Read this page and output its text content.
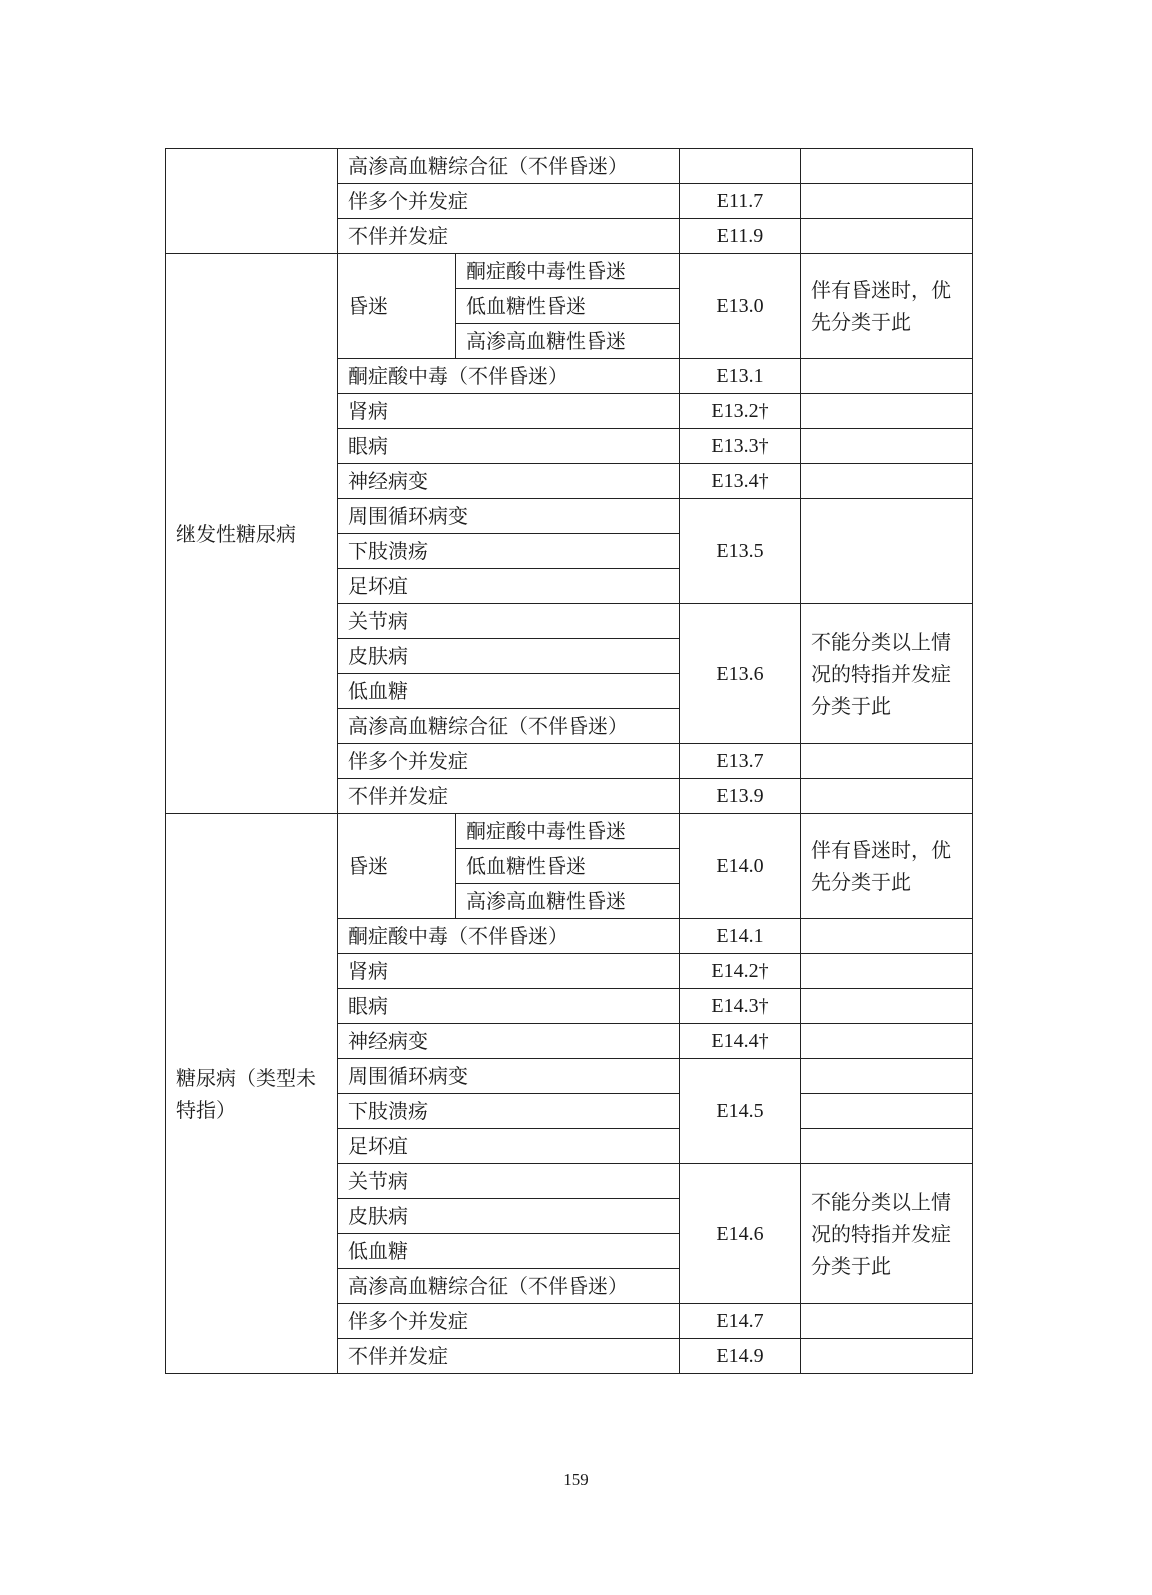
	高渗高血糖综合征（不伴昏迷）			
	伴多个并发症		E11.7	
	不伴并发症		E11.9	
继发性糖尿病	昏迷	酮症酸中毒性昏迷	E13.0	伴有昏迷时，优先分类于此
		低血糖性昏迷		
		高渗高血糖性昏迷		
	酮症酸中毒（不伴昏迷）		E13.1	
	肾病		E13.2†	
	眼病		E13.3†	
	神经病变		E13.4†	
	周围循环病变		E13.5	
	下肢溃疡			
	足坏疽			
	关节病		E13.6	不能分类以上情况的特指并发症分类于此
	皮肤病			
	低血糖			
	高渗高血糖综合征（不伴昏迷）			
	伴多个并发症		E13.7	
	不伴并发症		E13.9	
糖尿病（类型未特指）	昏迷	酮症酸中毒性昏迷	E14.0	伴有昏迷时，优先分类于此
		低血糖性昏迷		
		高渗高血糖性昏迷		
	酮症酸中毒（不伴昏迷）		E14.1	
	肾病		E14.2†	
	眼病		E14.3†	
	神经病变		E14.4†	
	周围循环病变		E14.5	
	下肢溃疡			
	足坏疽			
	关节病		E14.6	不能分类以上情况的特指并发症分类于此
	皮肤病			
	低血糖			
	高渗高血糖综合征（不伴昏迷）			
	伴多个并发症		E14.7	
	不伴并发症		E14.9	
159
